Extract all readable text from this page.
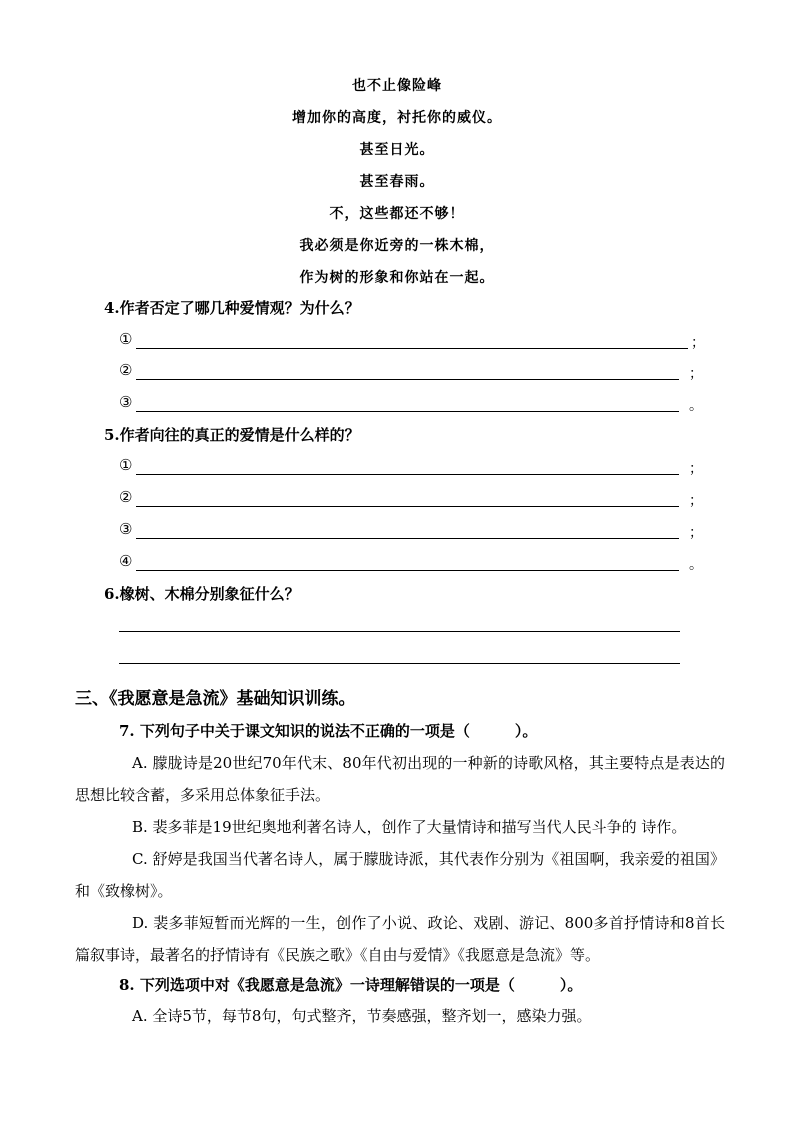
也不止像险峰
增加你的高度，衬托你的威仪。
甚至日光。
甚至春雨。
不，这些都还不够！
我必须是你近旁的一株木棉，
作为树的形象和你站在一起。
4.作者否定了哪几种爱情观？为什么？
①	；
②	；
③	。
5.作者向往的真正的爱情是什么样的？
①	；
②	；
③	；
④	。
6.橡树、木棉分别象征什么？
三、《我愿意是急流》基础知识训练。
7. 下列句子中关于课文知识的说法不正确的一项是（　　　）。
A. 朦胧诗是20世纪70年代末、80年代初出现的一种新的诗歌风格，其主要特点是表达的思想比较含蓄，多采用总体象征手法。
B. 裴多菲是19世纪奥地利著名诗人，创作了大量情诗和描写当代人民斗争的 诗作。
C. 舒婷是我国当代著名诗人，属于朦胧诗派，其代表作分别为《祖国啊，我亲爱的祖国》和《致橡树》。
D. 裴多菲短暂而光辉的一生，创作了小说、政论、戏剧、游记、800多首抒情诗和8首长篇叙事诗，最著名的抒情诗有《民族之歌》《自由与爱情》《我愿意是急流》等。
8. 下列选项中对《我愿意是急流》一诗理解错误的一项是（　　　）。
A. 全诗5节，每节8句，句式整齐，节奏感强，整齐划一，感染力强。
